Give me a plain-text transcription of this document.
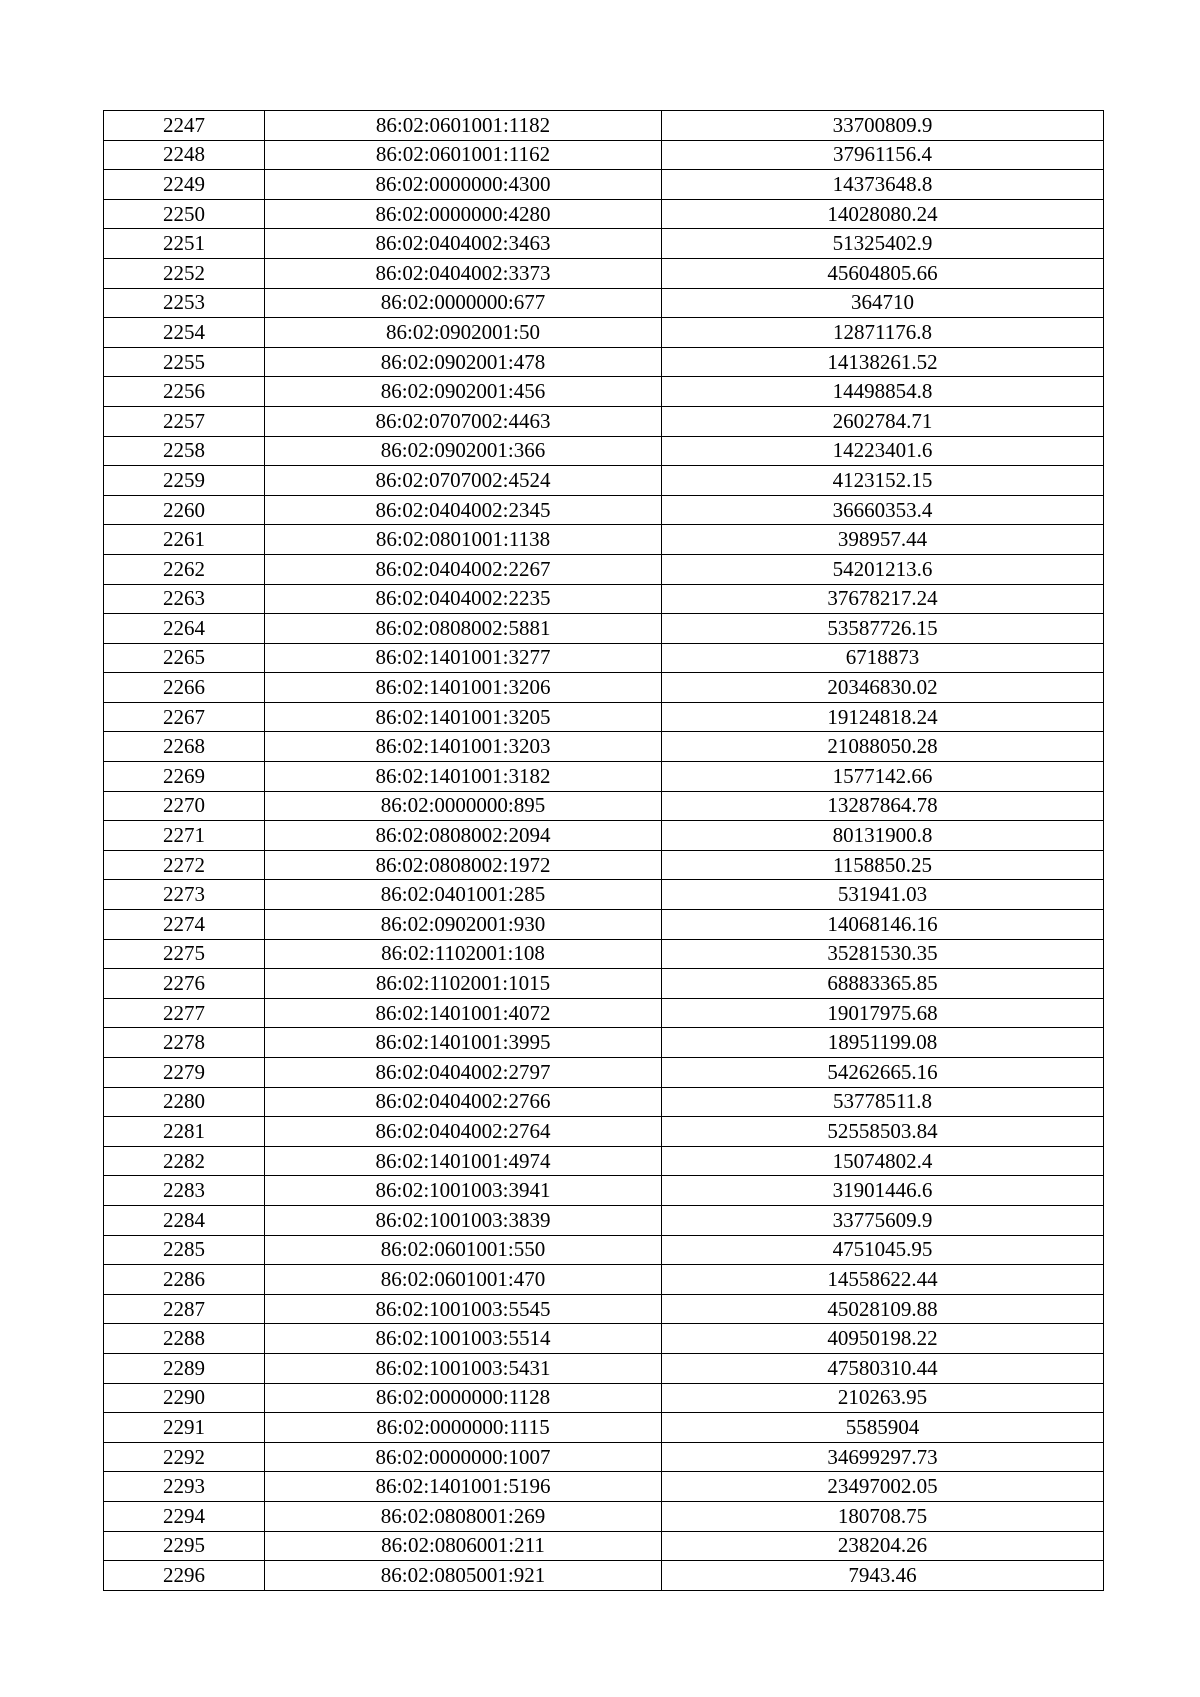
2247	86:02:0601001:1182	33700809.9
2248	86:02:0601001:1162	37961156.4
2249	86:02:0000000:4300	14373648.8
2250	86:02:0000000:4280	14028080.24
2251	86:02:0404002:3463	51325402.9
2252	86:02:0404002:3373	45604805.66
2253	86:02:0000000:677	364710
2254	86:02:0902001:50	12871176.8
2255	86:02:0902001:478	14138261.52
2256	86:02:0902001:456	14498854.8
2257	86:02:0707002:4463	2602784.71
2258	86:02:0902001:366	14223401.6
2259	86:02:0707002:4524	4123152.15
2260	86:02:0404002:2345	36660353.4
2261	86:02:0801001:1138	398957.44
2262	86:02:0404002:2267	54201213.6
2263	86:02:0404002:2235	37678217.24
2264	86:02:0808002:5881	53587726.15
2265	86:02:1401001:3277	6718873
2266	86:02:1401001:3206	20346830.02
2267	86:02:1401001:3205	19124818.24
2268	86:02:1401001:3203	21088050.28
2269	86:02:1401001:3182	1577142.66
2270	86:02:0000000:895	13287864.78
2271	86:02:0808002:2094	80131900.8
2272	86:02:0808002:1972	1158850.25
2273	86:02:0401001:285	531941.03
2274	86:02:0902001:930	14068146.16
2275	86:02:1102001:108	35281530.35
2276	86:02:1102001:1015	68883365.85
2277	86:02:1401001:4072	19017975.68
2278	86:02:1401001:3995	18951199.08
2279	86:02:0404002:2797	54262665.16
2280	86:02:0404002:2766	53778511.8
2281	86:02:0404002:2764	52558503.84
2282	86:02:1401001:4974	15074802.4
2283	86:02:1001003:3941	31901446.6
2284	86:02:1001003:3839	33775609.9
2285	86:02:0601001:550	4751045.95
2286	86:02:0601001:470	14558622.44
2287	86:02:1001003:5545	45028109.88
2288	86:02:1001003:5514	40950198.22
2289	86:02:1001003:5431	47580310.44
2290	86:02:0000000:1128	210263.95
2291	86:02:0000000:1115	5585904
2292	86:02:0000000:1007	34699297.73
2293	86:02:1401001:5196	23497002.05
2294	86:02:0808001:269	180708.75
2295	86:02:0806001:211	238204.26
2296	86:02:0805001:921	7943.46
